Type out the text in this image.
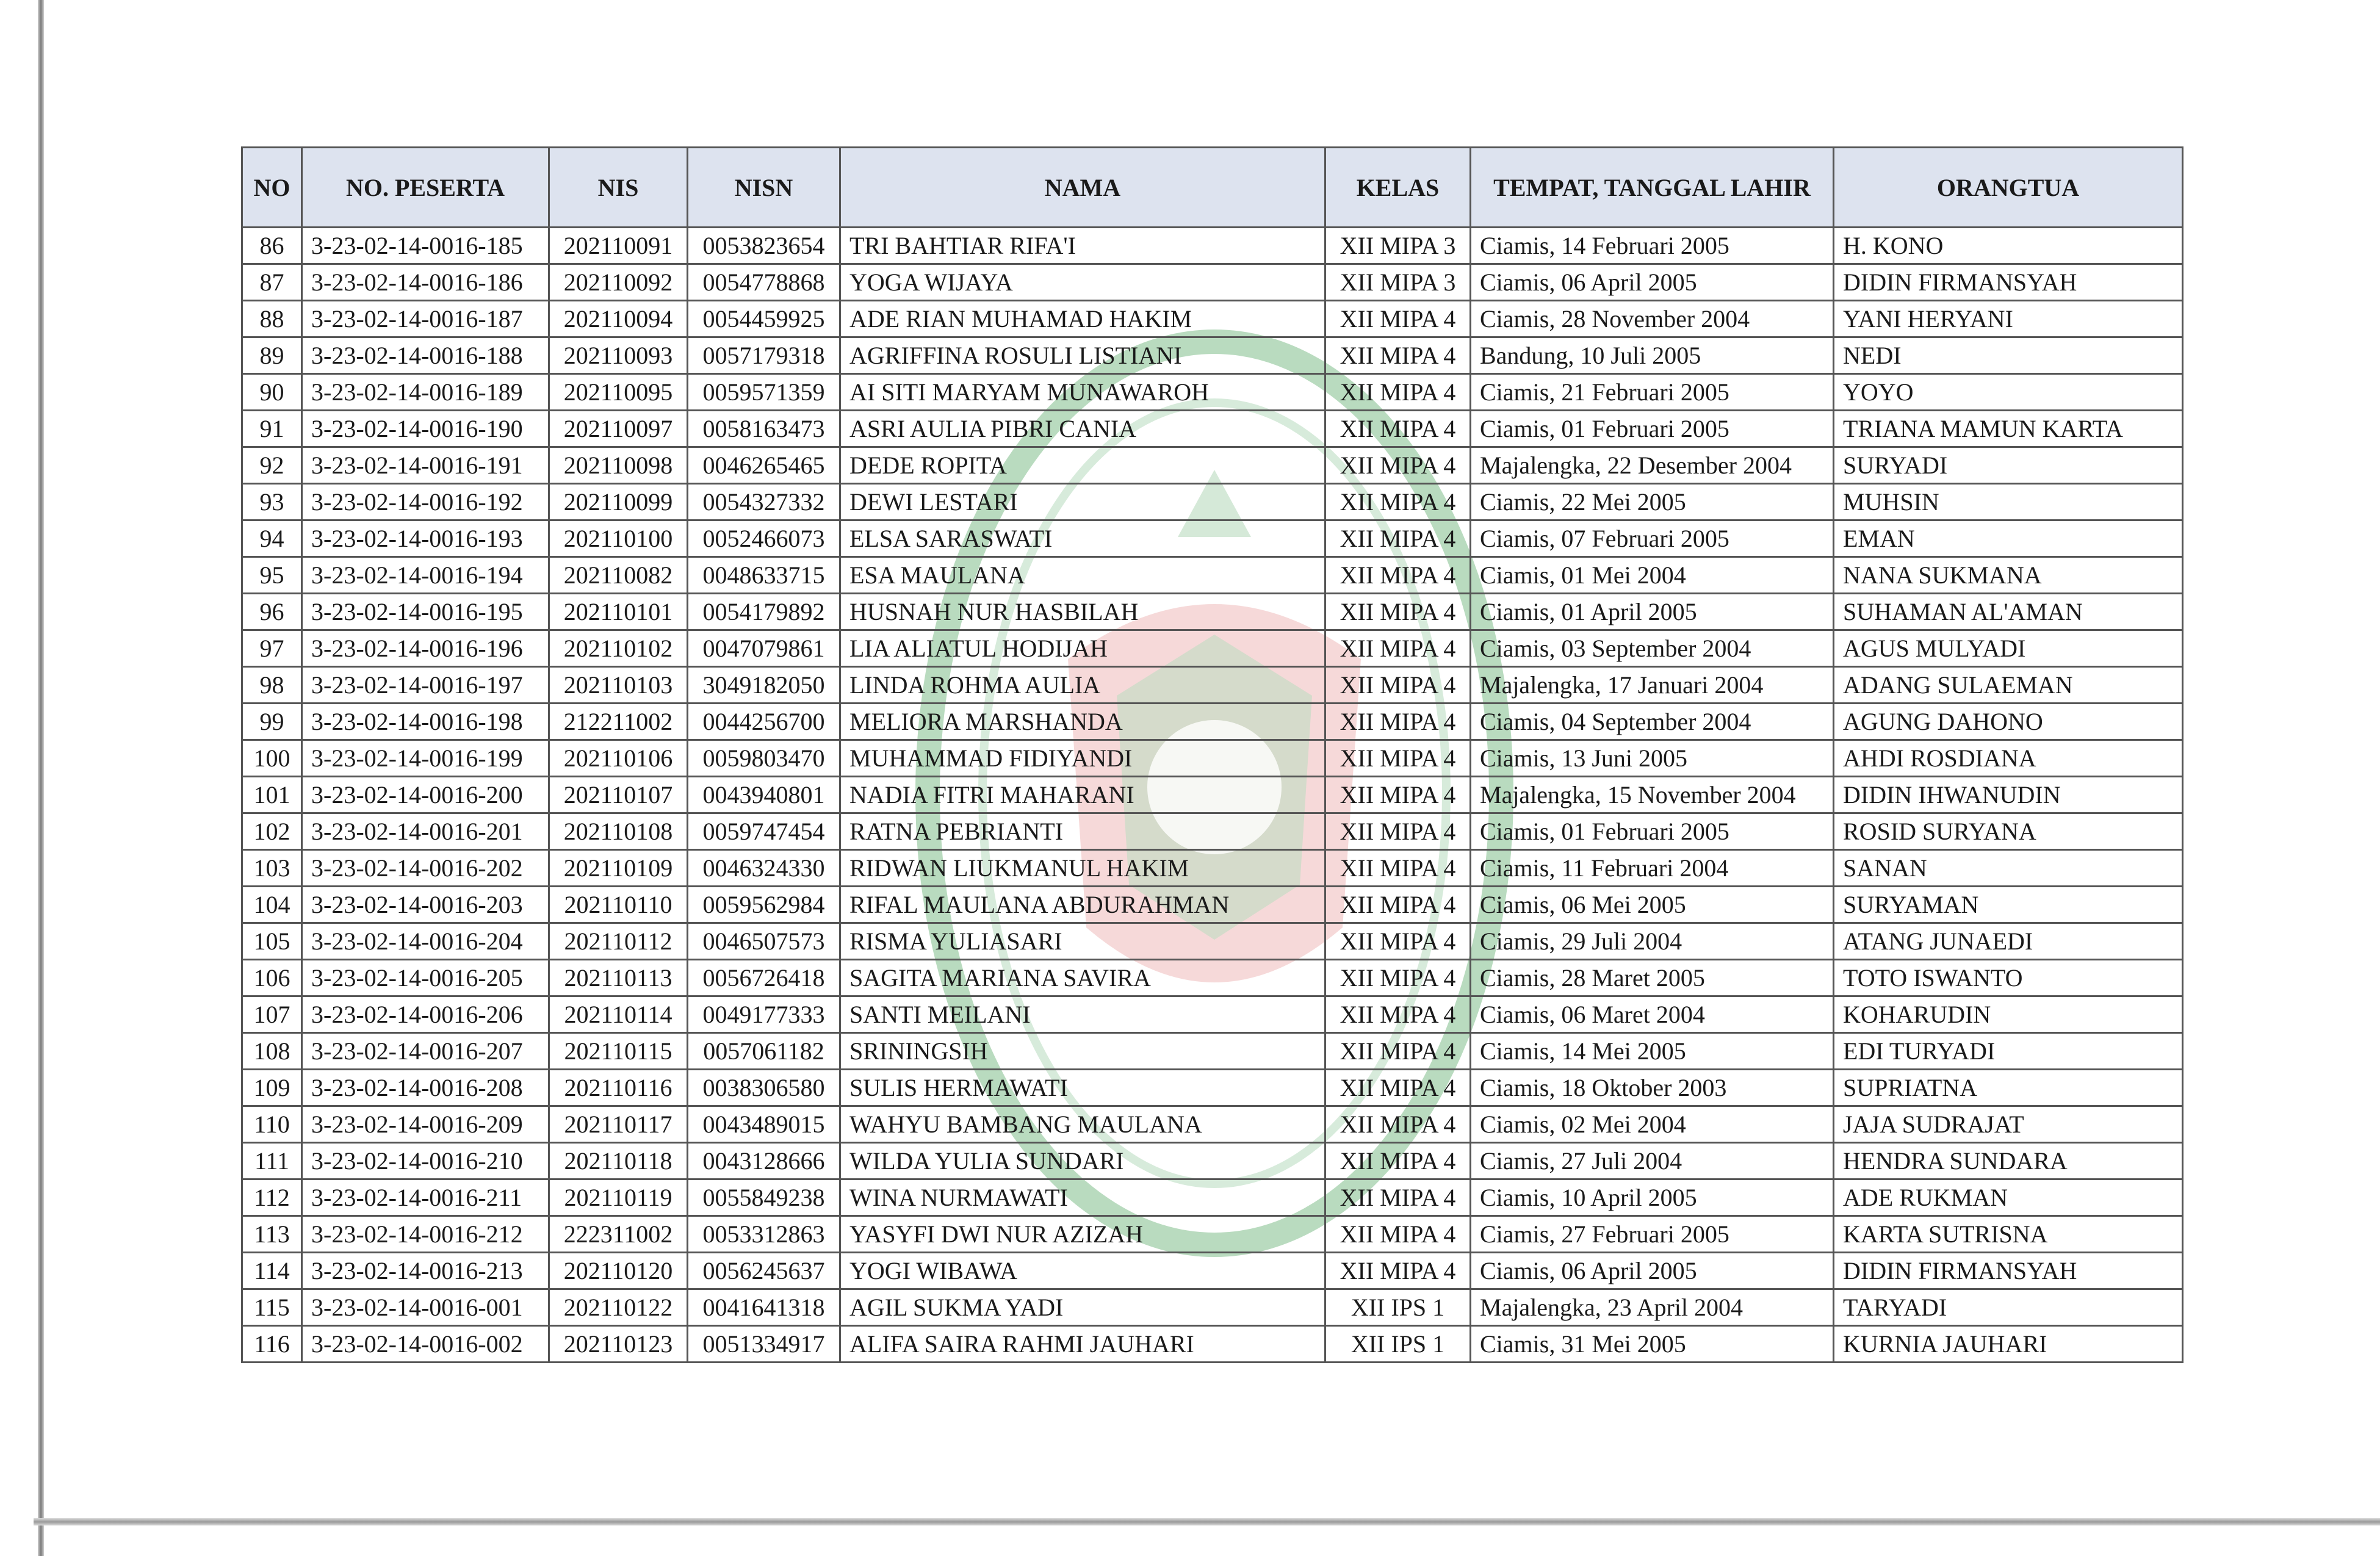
NO	NO. PESERTA	NIS	NISN	NAMA	KELAS	TEMPAT, TANGGAL LAHIR	ORANGTUA
86	3-23-02-14-0016-185	202110091	0053823654	TRI BAHTIAR RIFA'I	XII MIPA 3	Ciamis, 14 Februari 2005	H. KONO
87	3-23-02-14-0016-186	202110092	0054778868	YOGA WIJAYA	XII MIPA 3	Ciamis, 06 April 2005	DIDIN FIRMANSYAH
88	3-23-02-14-0016-187	202110094	0054459925	ADE RIAN MUHAMAD HAKIM	XII MIPA 4	Ciamis, 28 November 2004	YANI HERYANI
89	3-23-02-14-0016-188	202110093	0057179318	AGRIFFINA ROSULI LISTIANI	XII MIPA 4	Bandung, 10 Juli 2005	NEDI
90	3-23-02-14-0016-189	202110095	0059571359	AI SITI MARYAM MUNAWAROH	XII MIPA 4	Ciamis, 21 Februari 2005	YOYO
91	3-23-02-14-0016-190	202110097	0058163473	ASRI AULIA PIBRI CANIA	XII MIPA 4	Ciamis, 01 Februari 2005	TRIANA MAMUN KARTA
92	3-23-02-14-0016-191	202110098	0046265465	DEDE ROPITA	XII MIPA 4	Majalengka, 22 Desember 2004	SURYADI
93	3-23-02-14-0016-192	202110099	0054327332	DEWI LESTARI	XII MIPA 4	Ciamis, 22 Mei 2005	MUHSIN
94	3-23-02-14-0016-193	202110100	0052466073	ELSA SARASWATI	XII MIPA 4	Ciamis, 07 Februari 2005	EMAN
95	3-23-02-14-0016-194	202110082	0048633715	ESA MAULANA	XII MIPA 4	Ciamis, 01 Mei 2004	NANA SUKMANA
96	3-23-02-14-0016-195	202110101	0054179892	HUSNAH NUR HASBILAH	XII MIPA 4	Ciamis, 01 April 2005	SUHAMAN AL'AMAN
97	3-23-02-14-0016-196	202110102	0047079861	LIA ALIATUL HODIJAH	XII MIPA 4	Ciamis, 03 September 2004	AGUS MULYADI
98	3-23-02-14-0016-197	202110103	3049182050	LINDA ROHMA AULIA	XII MIPA 4	Majalengka, 17 Januari 2004	ADANG SULAEMAN
99	3-23-02-14-0016-198	212211002	0044256700	MELIORA MARSHANDA	XII MIPA 4	Ciamis, 04 September 2004	AGUNG DAHONO
100	3-23-02-14-0016-199	202110106	0059803470	MUHAMMAD FIDIYANDI	XII MIPA 4	Ciamis, 13 Juni 2005	AHDI ROSDIANA
101	3-23-02-14-0016-200	202110107	0043940801	NADIA FITRI MAHARANI	XII MIPA 4	Majalengka, 15 November 2004	DIDIN IHWANUDIN
102	3-23-02-14-0016-201	202110108	0059747454	RATNA PEBRIANTI	XII MIPA 4	Ciamis, 01 Februari 2005	ROSID SURYANA
103	3-23-02-14-0016-202	202110109	0046324330	RIDWAN LIUKMANUL HAKIM	XII MIPA 4	Ciamis, 11 Februari 2004	SANAN
104	3-23-02-14-0016-203	202110110	0059562984	RIFAL MAULANA ABDURAHMAN	XII MIPA 4	Ciamis, 06 Mei 2005	SURYAMAN
105	3-23-02-14-0016-204	202110112	0046507573	RISMA YULIASARI	XII MIPA 4	Ciamis, 29 Juli 2004	ATANG JUNAEDI
106	3-23-02-14-0016-205	202110113	0056726418	SAGITA MARIANA SAVIRA	XII MIPA 4	Ciamis, 28 Maret 2005	TOTO ISWANTO
107	3-23-02-14-0016-206	202110114	0049177333	SANTI MEILANI	XII MIPA 4	Ciamis, 06 Maret 2004	KOHARUDIN
108	3-23-02-14-0016-207	202110115	0057061182	SRININGSIH	XII MIPA 4	Ciamis, 14 Mei 2005	EDI TURYADI
109	3-23-02-14-0016-208	202110116	0038306580	SULIS HERMAWATI	XII MIPA 4	Ciamis, 18 Oktober 2003	SUPRIATNA
110	3-23-02-14-0016-209	202110117	0043489015	WAHYU BAMBANG MAULANA	XII MIPA 4	Ciamis, 02 Mei 2004	JAJA SUDRAJAT
111	3-23-02-14-0016-210	202110118	0043128666	WILDA YULIA SUNDARI	XII MIPA 4	Ciamis, 27 Juli 2004	HENDRA SUNDARA
112	3-23-02-14-0016-211	202110119	0055849238	WINA NURMAWATI	XII MIPA 4	Ciamis, 10 April 2005	ADE RUKMAN
113	3-23-02-14-0016-212	222311002	0053312863	YASYFI DWI NUR AZIZAH	XII MIPA 4	Ciamis, 27 Februari 2005	KARTA SUTRISNA
114	3-23-02-14-0016-213	202110120	0056245637	YOGI WIBAWA	XII MIPA 4	Ciamis, 06 April 2005	DIDIN FIRMANSYAH
115	3-23-02-14-0016-001	202110122	0041641318	AGIL SUKMA YADI	XII IPS 1	Majalengka, 23 April 2004	TARYADI
116	3-23-02-14-0016-002	202110123	0051334917	ALIFA SAIRA RAHMI JAUHARI	XII IPS 1	Ciamis, 31 Mei 2005	KURNIA JAUHARI
